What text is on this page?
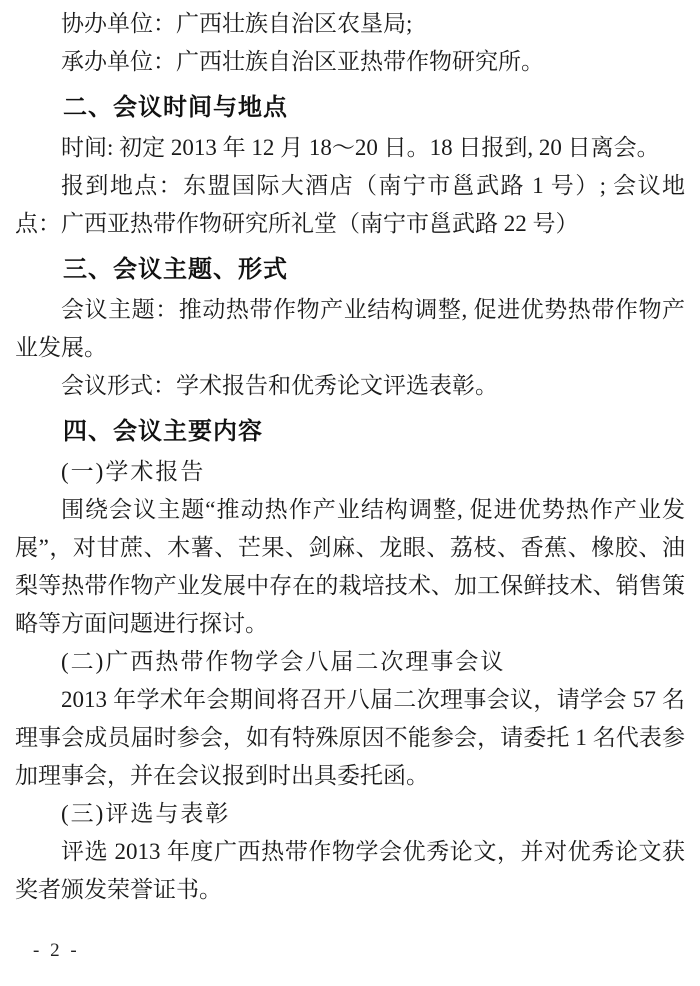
协办单位：广西壮族自治区农垦局;

承办单位：广西壮族自治区亚热带作物研究所。

二、会议时间与地点

时间: 初定 2013 年 12 月 18～20 日。18 日报到, 20 日离会。

报到地点：东盟国际大酒店（南宁市邕武路 1 号）; 会议地点：广西亚热带作物研究所礼堂（南宁市邕武路 22 号）

三、会议主题、形式

会议主题：推动热带作物产业结构调整, 促进优势热带作物产业发展。

会议形式：学术报告和优秀论文评选表彰。

四、会议主要内容
(一)学术报告

围绕会议主题“推动热作产业结构调整, 促进优势热作产业发展”，对甘蔗、木薯、芒果、剑麻、龙眼、荔枝、香蕉、橡胶、油梨等热带作物产业发展中存在的栽培技术、加工保鲜技术、销售策略等方面问题进行探讨。

(二)广西热带作物学会八届二次理事会议

2013 年学术年会期间将召开八届二次理事会议，请学会 57 名理事会成员届时参会，如有特殊原因不能参会，请委托 1 名代表参加理事会，并在会议报到时出具委托函。

(三)评选与表彰

评选 2013 年度广西热带作物学会优秀论文，并对优秀论文获奖者颁发荣誉证书。

- 2 -
